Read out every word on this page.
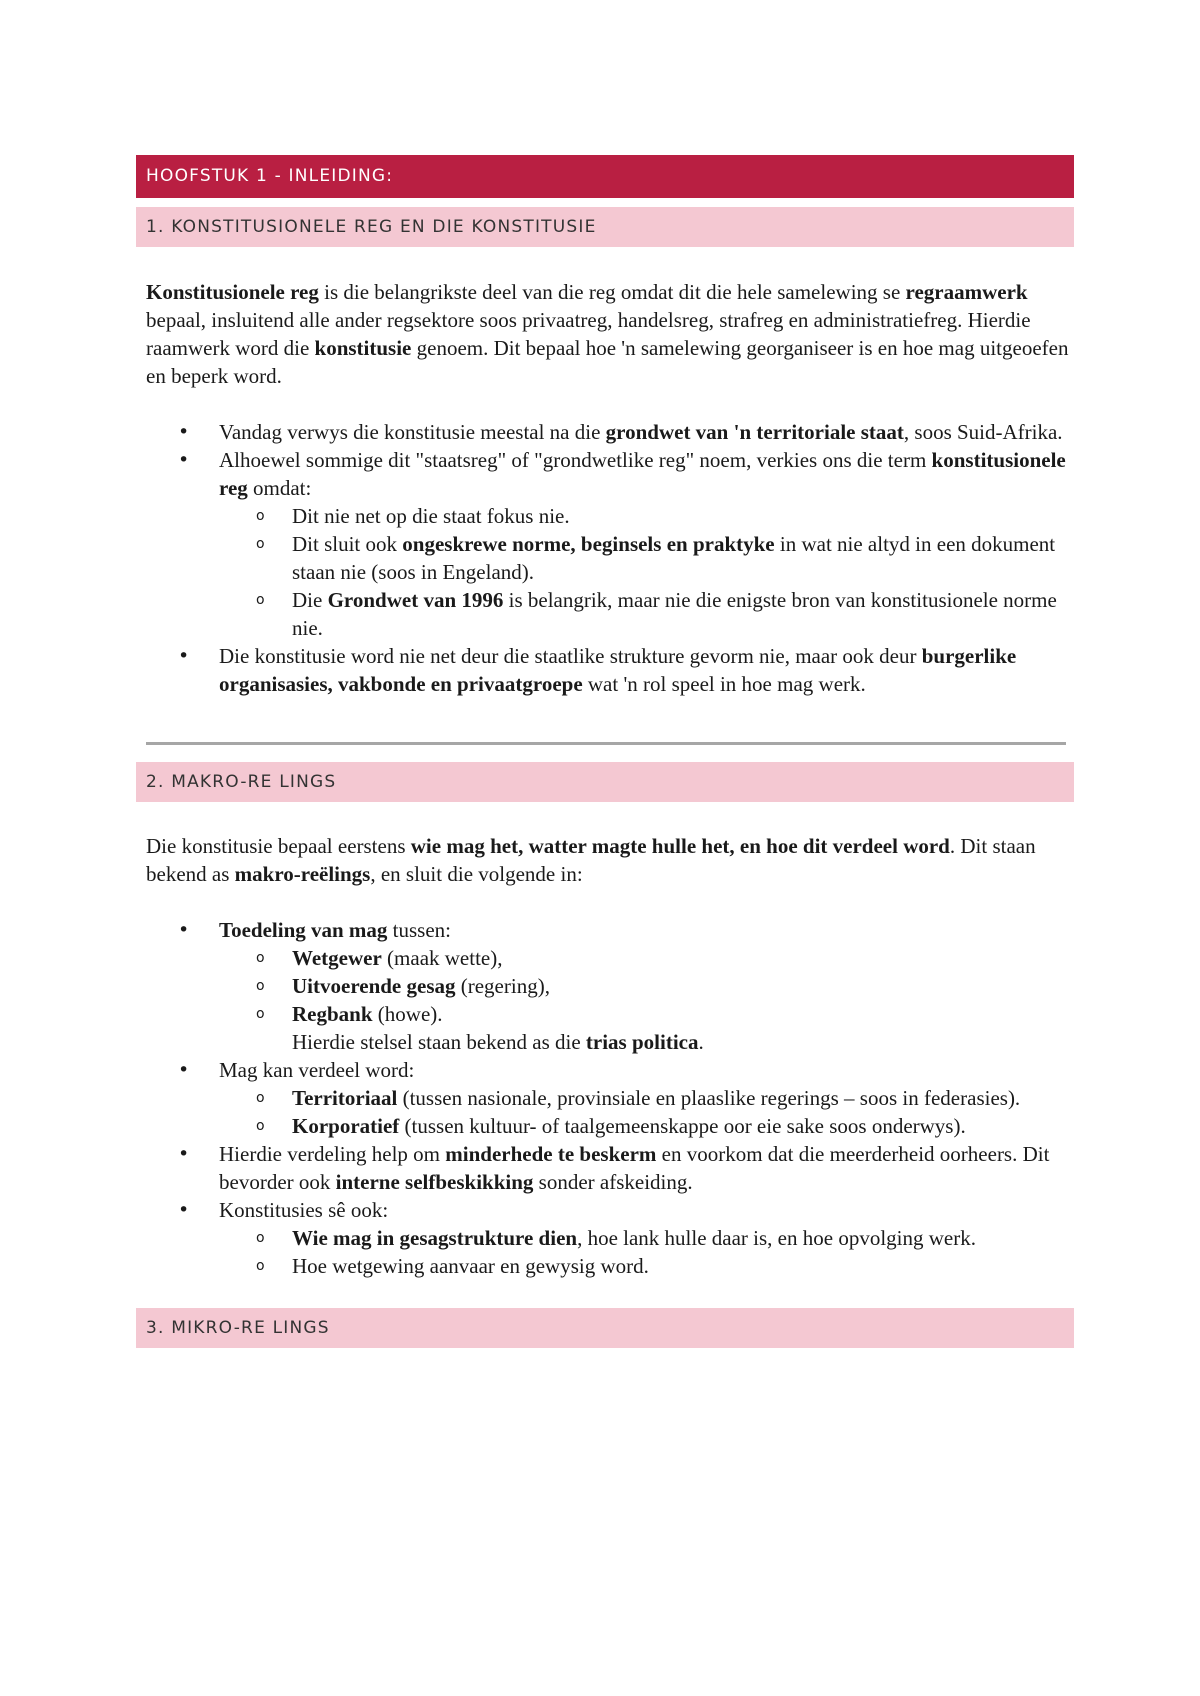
HOOFSTUK 1 - INLEIDING:
1. KONSTITUSIONELE REG EN DIE KONSTITUSIE

Konstitusionele reg is die belangrikste deel van die reg omdat dit die hele samelewing se regraamwerk bepaal, insluitend alle ander regsektore soos privaatreg, handelsreg, strafreg en administratiefreg. Hierdie raamwerk word die konstitusie genoem. Dit bepaal hoe 'n samelewing georganiseer is en hoe mag uitgeoefen en beperk word.

• Vandag verwys die konstitusie meestal na die grondwet van 'n territoriale staat, soos Suid-Afrika.
• Alhoewel sommige dit "staatsreg" of "grondwetlike reg" noem, verkies ons die term konstitusionele reg omdat:
o Dit nie net op die staat fokus nie.
o Dit sluit ook ongeskrewe norme, beginsels en praktyke in wat nie altyd in een dokument staan nie (soos in Engeland).
o Die Grondwet van 1996 is belangrik, maar nie die enigste bron van konstitusionele norme nie.
• Die konstitusie word nie net deur die staatlike strukture gevorm nie, maar ook deur burgerlike organisasies, vakbonde en privaatgroepe wat 'n rol speel in hoe mag werk.
2. MAKRO-RE LINGS

Die konstitusie bepaal eerstens wie mag het, watter magte hulle het, en hoe dit verdeel word. Dit staan bekend as makro-reëlings, en sluit die volgende in:

• Toedeling van mag tussen:
o Wetgewer (maak wette),
o Uitvoerende gesag (regering),
o Regbank (howe).
Hierdie stelsel staan bekend as die trias politica.
• Mag kan verdeel word:
o Territoriaal (tussen nasionale, provinsiale en plaaslike regerings – soos in federasies).
o Korporatief (tussen kultuur- of taalgemeenskappe oor eie sake soos onderwys).
• Hierdie verdeling help om minderhede te beskerm en voorkom dat die meerderheid oorheers. Dit bevorder ook interne selfbeskikking sonder afskeiding.
• Konstitusies sê ook:
o Wie mag in gesagstrukture dien, hoe lank hulle daar is, en hoe opvolging werk.
o Hoe wetgewing aanvaar en gewysig word.
3. MIKRO-RE LINGS
